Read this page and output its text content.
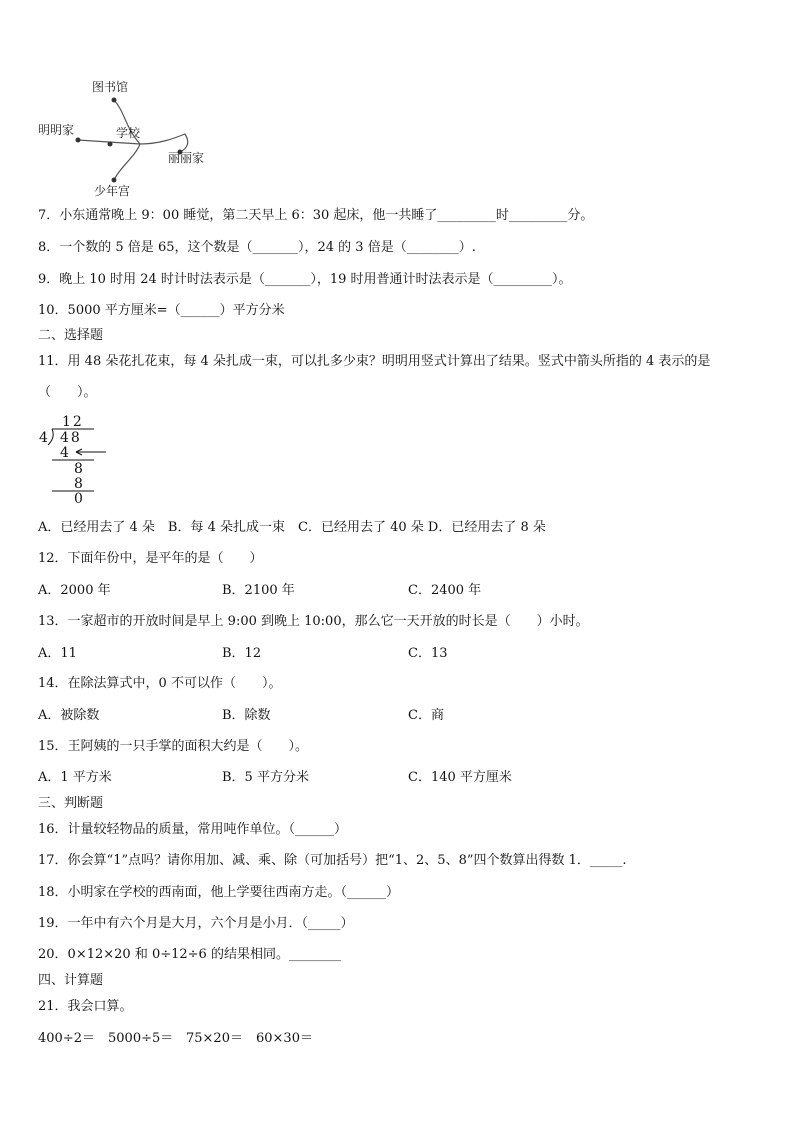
图书馆
明明家	学校
丽丽家
少年宫
7．小东通常晚上 9：00 睡觉，第二天早上 6：30 起床，他一共睡了_________时_________分。
8．一个数的 5 倍是 65，这个数是（_______），24 的 3 倍是（________）.
9．晚上 10 时用 24 时计时法表示是（_______），19 时用普通计时法表示是（_________）。
10．5000 平方厘米=（______）平方分米
二、选择题
11．用 48 朵花扎花束，每 4 朵扎成一束，可以扎多少束？明明用竖式计算出了结果。竖式中箭头所指的 4 表示的是
（　　）。
12
4 48
4
8
8
0
A．已经用去了 4 朵　B．每 4 朵扎成一束　C．已经用去了 40 朵 D．已经用去了 8 朵
12．下面年份中，是平年的是（　　）
A．2000 年	B．2100 年	C．2400 年
13．一家超市的开放时间是早上 9:00 到晚上 10:00，那么它一天开放的时长是（　　）小时。
A．11	B．12	C．13
14．在除法算式中，0 不可以作（　　）。
A．被除数	B．除数	C．商
15．王阿姨的一只手掌的面积大约是（　　）。
A．1 平方米	B．5 平方分米	C．140 平方厘米
三、判断题
16．计量较轻物品的质量，常用吨作单位。（______）
17．你会算“1”点吗？请你用加、减、乘、除（可加括号）把“1、2、5、8”四个数算出得数 1．_____.
18．小明家在学校的西南面，他上学要往西南方走。（______）
19．一年中有六个月是大月，六个月是小月．（_____）
20．0×12×20 和 0÷12÷6 的结果相同。________
四、计算题
21．我会口算。
400÷2＝ 5000÷5＝ 75×20＝ 60×30＝
